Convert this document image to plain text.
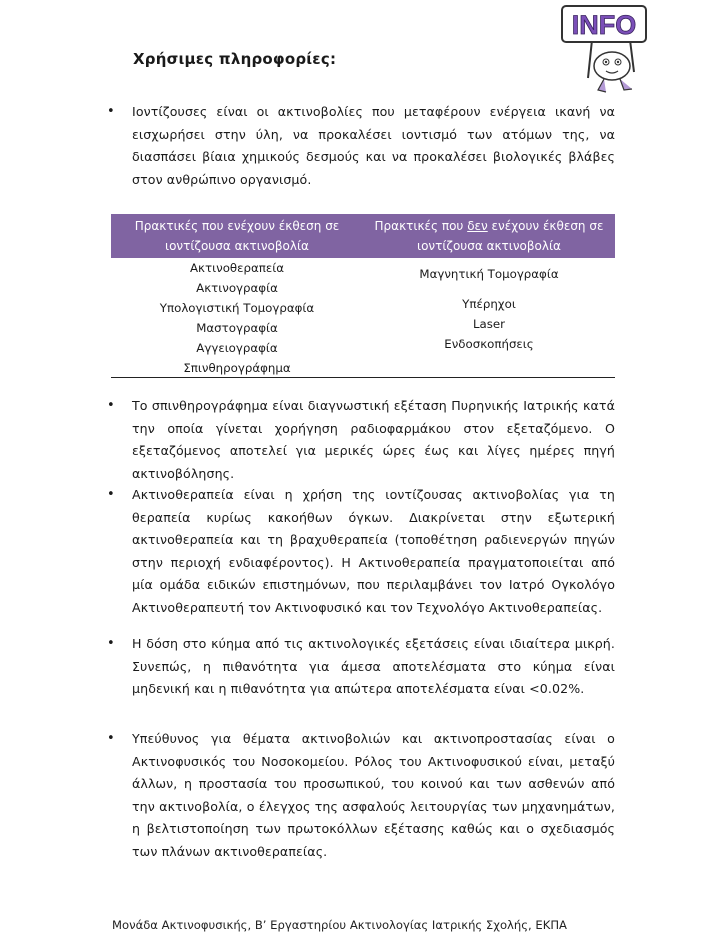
INFO
Χρήσιμες πληροφορίες:
• Ιοντίζουσες είναι οι ακτινοβολίες που μεταφέρουν ενέργεια ικανή να εισχωρήσει στην ύλη, να προκαλέσει ιοντισμό των ατόμων της, να διασπάσει βίαια χημικούς δεσμούς και να προκαλέσει βιολογικές βλάβες στον ανθρώπινο οργανισμό.
Πρακτικές που ενέχουν έκθεση σε
ιοντίζουσα ακτινοβολία
Πρακτικές που δεν ενέχουν έκθεση σε
ιοντίζουσα ακτινοβολία
Ακτινοθεραπεία
Ακτινογραφία
Υπολογιστική Τομογραφία
Μαστογραφία
Αγγειογραφία
Σπινθηρογράφημα
Μαγνητική Τομογραφία
Υπέρηχοι
Laser
Ενδοσκοπήσεις
• Το σπινθηρογράφημα είναι διαγνωστική εξέταση Πυρηνικής Ιατρικής κατά την οποία γίνεται χορήγηση ραδιοφαρμάκου στον εξεταζόμενο. Ο εξεταζόμενος αποτελεί για μερικές ώρες έως και λίγες ημέρες πηγή ακτινοβόλησης.
• Ακτινοθεραπεία είναι η χρήση της ιοντίζουσας ακτινοβολίας για τη θεραπεία κυρίως κακοήθων όγκων. Διακρίνεται στην εξωτερική ακτινοθεραπεία και τη βραχυθεραπεία (τοποθέτηση ραδιενεργών πηγών στην περιοχή ενδιαφέροντος). Η Ακτινοθεραπεία πραγματοποιείται από μία ομάδα ειδικών επιστημόνων, που περιλαμβάνει τον Ιατρό Ογκολόγο Ακτινοθεραπευτή τον Ακτινοφυσικό και τον Τεχνολόγο Ακτινοθεραπείας.
• Η δόση στο κύημα από τις ακτινολογικές εξετάσεις είναι ιδιαίτερα μικρή. Συνεπώς, η πιθανότητα για άμεσα αποτελέσματα στο κύημα είναι μηδενική και η πιθανότητα για απώτερα αποτελέσματα είναι <0.02%.
• Υπεύθυνος για θέματα ακτινοβολιών και ακτινοπροστασίας είναι ο Ακτινοφυσικός του Νοσοκομείου. Ρόλος του Ακτινοφυσικού είναι, μεταξύ άλλων, η προστασία του προσωπικού, του κοινού και των ασθενών από την ακτινοβολία, ο έλεγχος της ασφαλούς λειτουργίας των μηχανημάτων, η βελτιστοποίηση των πρωτοκόλλων εξέτασης καθώς και ο σχεδιασμός των πλάνων ακτινοθεραπείας.
Μονάδα Ακτινοφυσικής, Β’ Εργαστηρίου Ακτινολογίας Ιατρικής Σχολής, ΕΚΠΑ
